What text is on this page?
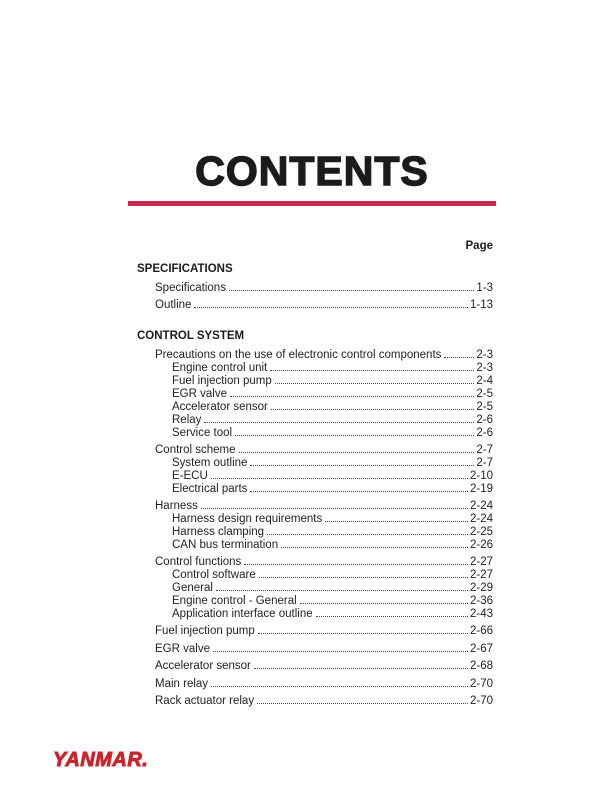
CONTENTS
Page
SPECIFICATIONS
Specifications	1-3
Outline	1-13
CONTROL SYSTEM
Precautions on the use of electronic control components	2-3
Engine control unit	2-3
Fuel injection pump	2-4
EGR valve	2-5
Accelerator sensor	2-5
Relay	2-6
Service tool	2-6
Control scheme	2-7
System outline	2-7
E-ECU	2-10
Electrical parts	2-19
Harness	2-24
Harness design requirements	2-24
Harness clamping	2-25
CAN bus termination	2-26
Control functions	2-27
Control software	2-27
General	2-29
Engine control - General	2-36
Application interface outline	2-43
Fuel injection pump	2-66
EGR valve	2-67
Accelerator sensor	2-68
Main relay	2-70
Rack actuator relay	2-70
YANMAR.
